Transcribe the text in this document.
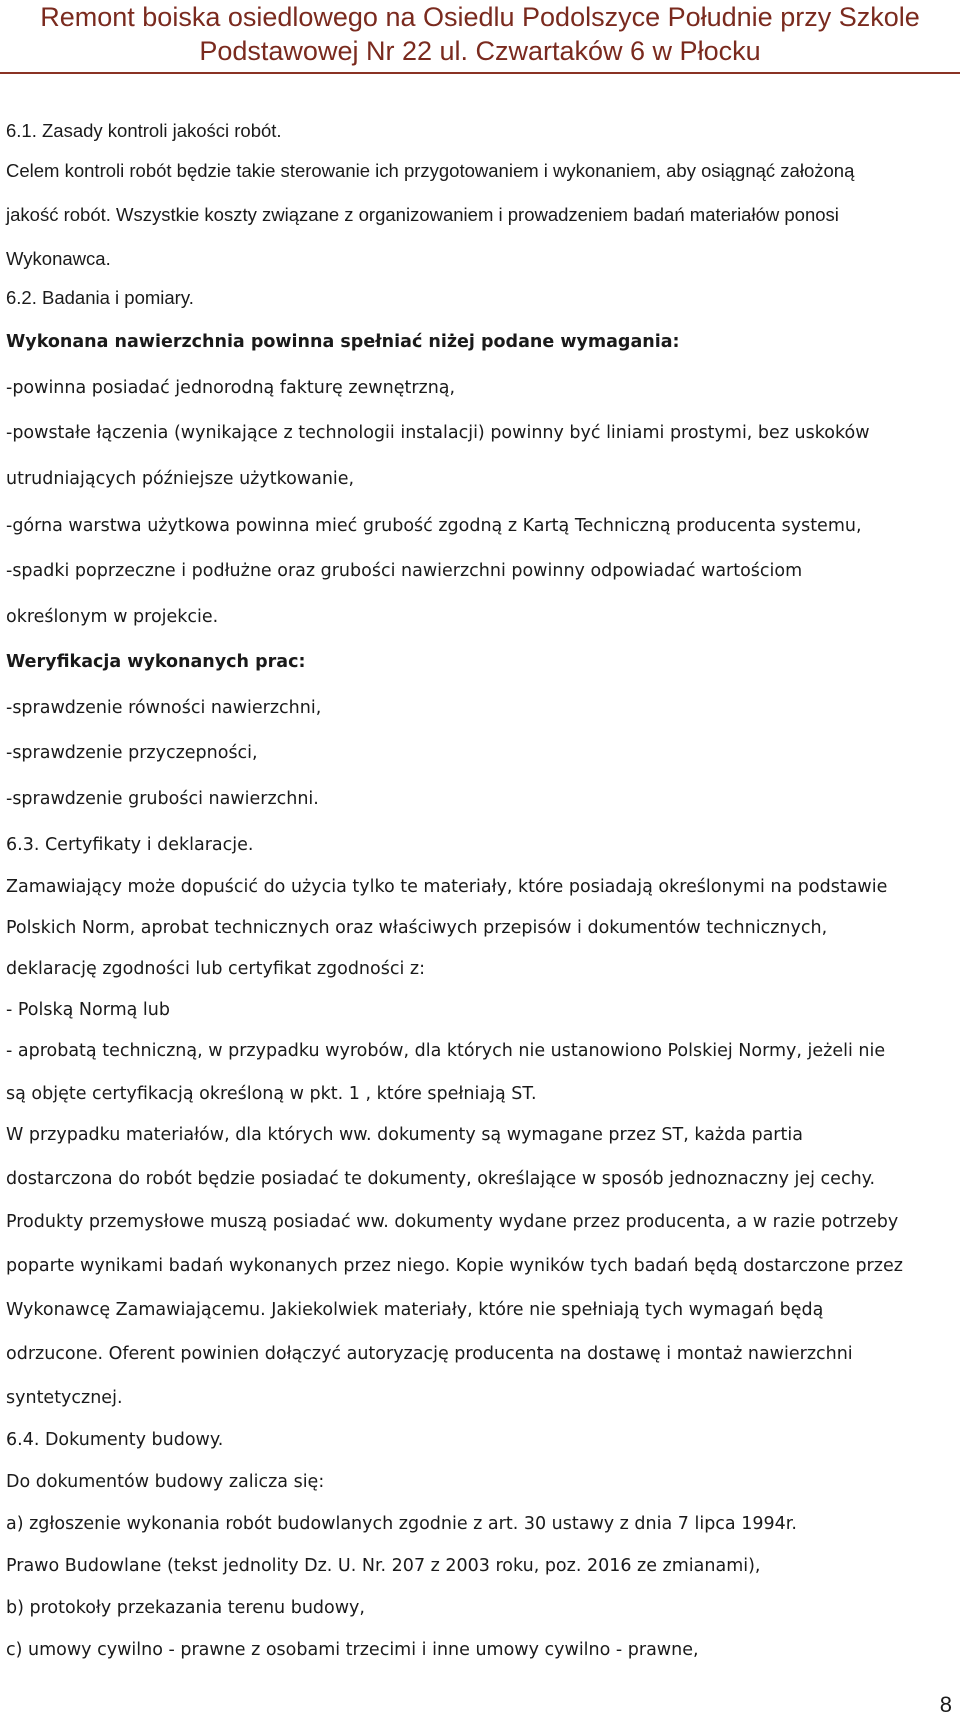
Remont boiska osiedlowego na Osiedlu Podolszyce Południe przy Szkole
Podstawowej Nr 22 ul. Czwartaków 6 w Płocku
6.1. Zasady kontroli jakości robót.
Celem kontroli robót będzie takie sterowanie ich przygotowaniem i wykonaniem, aby osiągnąć założoną
jakość robót. Wszystkie koszty związane z organizowaniem i prowadzeniem badań materiałów ponosi
Wykonawca.
6.2. Badania i pomiary.
Wykonana nawierzchnia powinna spełniać niżej podane wymagania:
-powinna posiadać jednorodną fakturę zewnętrzną,
-powstałe łączenia (wynikające z technologii instalacji) powinny być liniami prostymi, bez uskoków
utrudniających późniejsze użytkowanie,
-górna warstwa użytkowa powinna mieć grubość zgodną z Kartą Techniczną producenta systemu,
-spadki poprzeczne i podłużne oraz grubości nawierzchni powinny odpowiadać wartościom
określonym w projekcie.
Weryfikacja wykonanych prac:
-sprawdzenie równości nawierzchni,
-sprawdzenie przyczepności,
-sprawdzenie grubości nawierzchni.
6.3. Certyfikaty i deklaracje.
Zamawiający może dopuścić do użycia tylko te materiały, które posiadają określonymi na podstawie
Polskich Norm, aprobat technicznych oraz właściwych przepisów i dokumentów technicznych,
deklarację zgodności lub certyfikat zgodności z:
- Polską Normą lub
- aprobatą techniczną, w przypadku wyrobów, dla których nie ustanowiono Polskiej Normy, jeżeli nie
są objęte certyfikacją określoną w pkt. 1 , które spełniają ST.
W przypadku materiałów, dla których ww. dokumenty są wymagane przez ST, każda partia
dostarczona do robót będzie posiadać te dokumenty, określające w sposób jednoznaczny jej cechy.
Produkty przemysłowe muszą posiadać ww. dokumenty wydane przez producenta, a w razie potrzeby
poparte wynikami badań wykonanych przez niego. Kopie wyników tych badań będą dostarczone przez
Wykonawcę Zamawiającemu. Jakiekolwiek materiały, które nie spełniają tych wymagań będą
odrzucone. Oferent powinien dołączyć autoryzację producenta na dostawę i montaż nawierzchni
syntetycznej.
6.4. Dokumenty budowy.
Do dokumentów budowy zalicza się:
a) zgłoszenie wykonania robót budowlanych zgodnie z art. 30 ustawy z dnia 7 lipca 1994r.
Prawo Budowlane (tekst jednolity Dz. U. Nr. 207 z 2003 roku, poz. 2016 ze zmianami),
b) protokoły przekazania terenu budowy,
c) umowy cywilno - prawne z osobami trzecimi i inne umowy cywilno - prawne,
8
